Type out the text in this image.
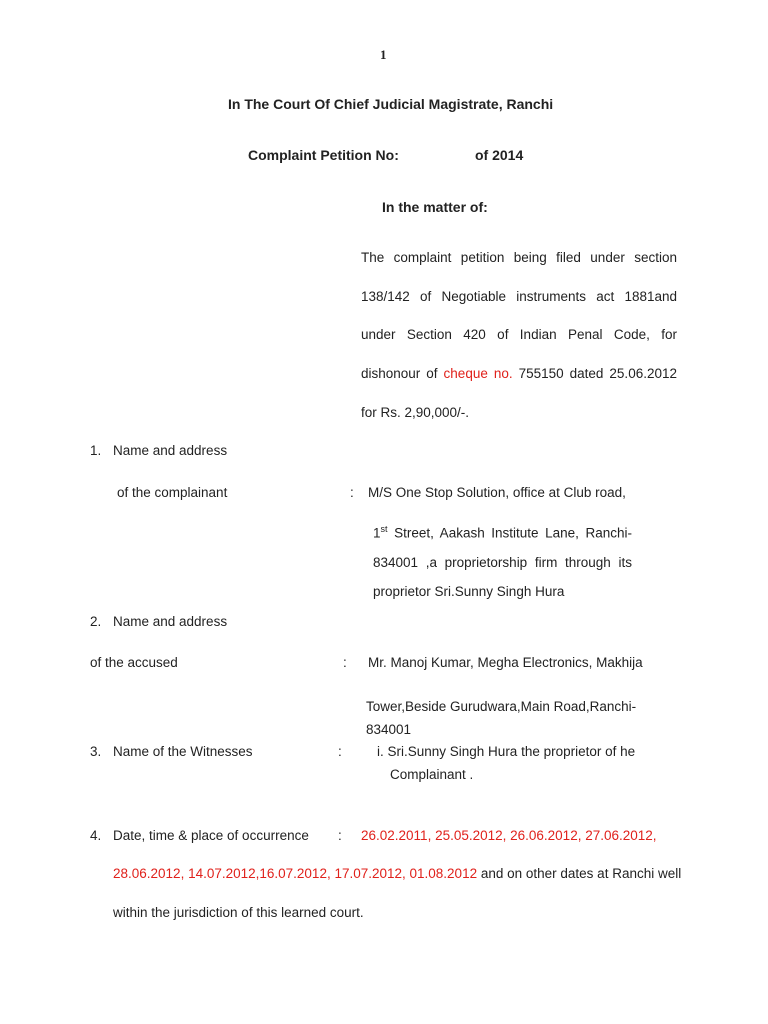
1
In The Court Of Chief Judicial Magistrate, Ranchi
Complaint Petition No:	of 2014
In the matter of:
The complaint petition being filed under section
138/142 of Negotiable instruments act 1881and
under Section 420 of Indian Penal Code, for
dishonour of cheque no. 755150 dated 25.06.2012
for Rs. 2,90,000/-.
1. Name and address
of the complainant	: M/S One Stop Solution, office at Club road,
1st Street, Aakash Institute Lane, Ranchi-
834001 ,a proprietorship firm through its
proprietor Sri.Sunny Singh Hura
2. Name and address
of the accused	: Mr. Manoj Kumar, Megha Electronics, Makhija
Tower,Beside Gurudwara,Main Road,Ranchi-
834001
3. Name of the Witnesses	:	i. Sri.Sunny Singh Hura the proprietor of he
Complainant .
4. Date, time & place of occurrence : 26.02.2011, 25.05.2012, 26.06.2012, 27.06.2012,
28.06.2012, 14.07.2012,16.07.2012, 17.07.2012, 01.08.2012 and on other dates at Ranchi well
within the jurisdiction of this learned court.
